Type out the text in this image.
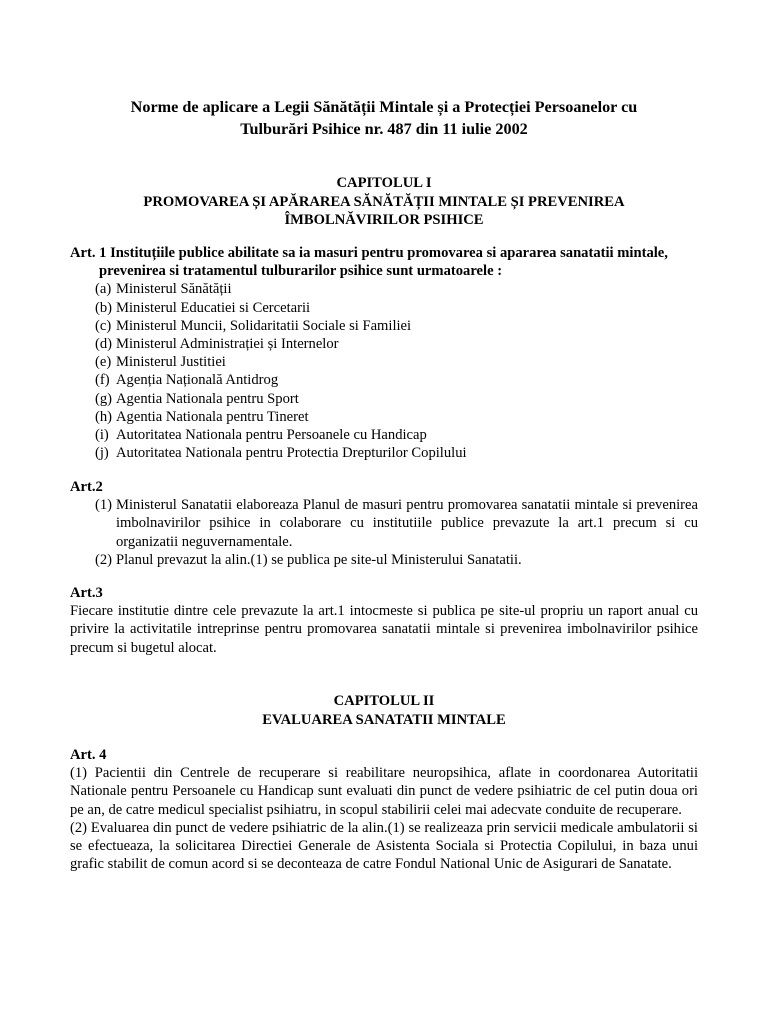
Norme de aplicare a Legii Sănătății Mintale și a Protecției Persoanelor cu
Tulburări Psihice nr. 487 din 11 iulie 2002
CAPITOLUL I
PROMOVAREA ȘI APĂRAREA SĂNĂTĂȚII MINTALE ȘI PREVENIREA
ÎMBOLNĂVIRILOR PSIHICE
Art. 1 Instituțiile publice abilitate sa ia masuri pentru promovarea si apararea sanatatii mintale, prevenirea si tratamentul tulburarilor psihice sunt urmatoarele :
(a) Ministerul Sănătății
(b) Ministerul Educatiei si Cercetarii
(c) Ministerul Muncii, Solidaritatii Sociale si Familiei
(d) Ministerul Administrației și Internelor
(e) Ministerul Justitiei
(f) Agenția Națională Antidrog
(g) Agentia Nationala pentru Sport
(h) Agentia Nationala pentru Tineret
(i) Autoritatea Nationala pentru Persoanele cu Handicap
(j) Autoritatea Nationala pentru Protectia Drepturilor Copilului
Art.2
(1) Ministerul Sanatatii elaboreaza Planul de masuri pentru promovarea sanatatii mintale si prevenirea imbolnavirilor psihice in colaborare cu institutiile publice prevazute la art.1 precum si cu organizatii neguvernamentale.
(2) Planul prevazut la alin.(1) se publica pe site-ul Ministerului Sanatatii.
Art.3
Fiecare institutie dintre cele prevazute la art.1 intocmeste si publica pe site-ul propriu un raport anual cu privire la activitatile intreprinse pentru promovarea sanatatii mintale si prevenirea imbolnavirilor psihice precum si bugetul alocat.
CAPITOLUL II
EVALUAREA SANATATII MINTALE
Art. 4
(1) Pacientii din Centrele de recuperare si reabilitare neuropsihica, aflate in coordonarea Autoritatii Nationale pentru Persoanele cu Handicap sunt evaluati din punct de vedere psihiatric de cel putin doua ori pe an, de catre medicul specialist psihiatru, in scopul stabilirii celei mai adecvate conduite de recuperare.
(2) Evaluarea din punct de vedere psihiatric de la alin.(1) se realizeaza prin servicii medicale ambulatorii si se efectueaza, la solicitarea Directiei Generale de Asistenta Sociala si Protectia Copilului, in baza unui grafic stabilit de comun acord si se deconteaza de catre Fondul National Unic de Asigurari de Sanatate.
